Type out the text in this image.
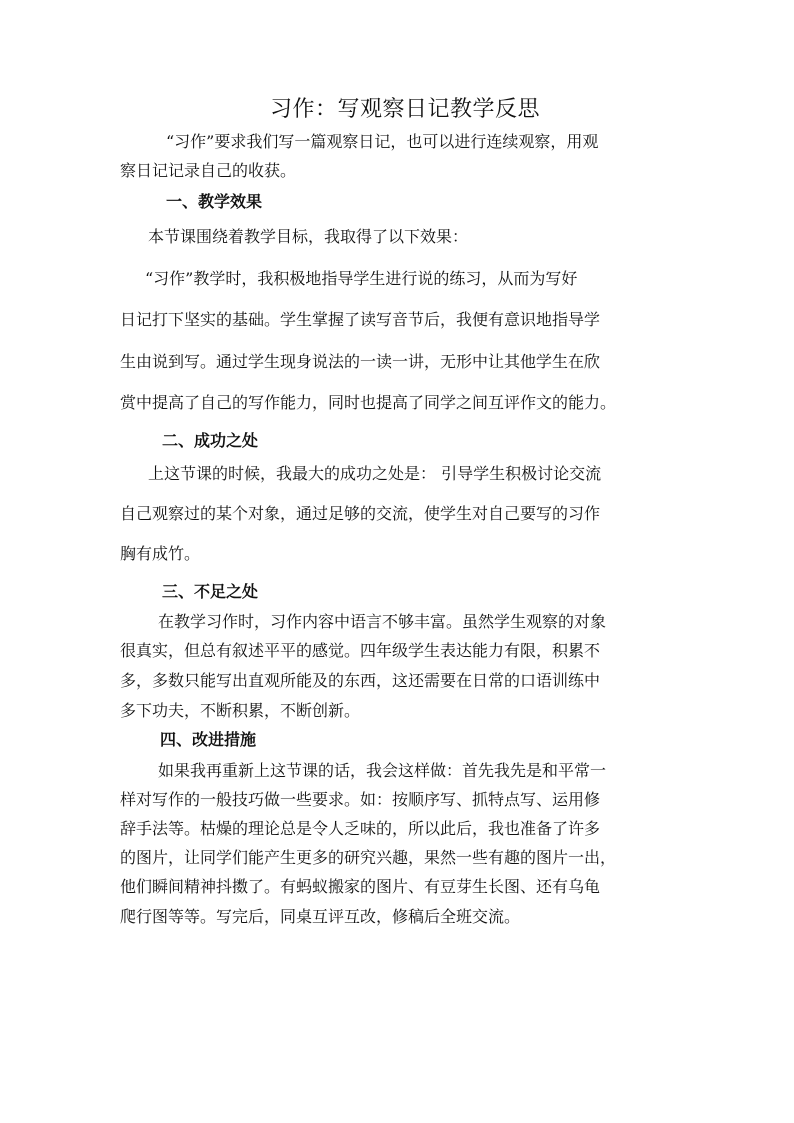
习作：写观察日记教学反思
“习作”要求我们写一篇观察日记，也可以进行连续观察，用观
察日记记录自己的收获。
一、教学效果
本节课围绕着教学目标，我取得了以下效果：
“习作”教学时，我积极地指导学生进行说的练习，从而为写好
日记打下坚实的基础。学生掌握了读写音节后，我便有意识地指导学
生由说到写。通过学生现身说法的一读一讲，无形中让其他学生在欣
赏中提高了自己的写作能力，同时也提高了同学之间互评作文的能力。
二、成功之处
上这节课的时候，我最大的成功之处是： 引导学生积极讨论交流
自己观察过的某个对象，通过足够的交流，使学生对自己要写的习作
胸有成竹。
三、不足之处
在教学习作时，习作内容中语言不够丰富。虽然学生观察的对象
很真实，但总有叙述平平的感觉。四年级学生表达能力有限，积累不
多，多数只能写出直观所能及的东西，这还需要在日常的口语训练中
多下功夫，不断积累，不断创新。
四、改进措施
如果我再重新上这节课的话，我会这样做：首先我先是和平常一
样对写作的一般技巧做一些要求。如：按顺序写、抓特点写、运用修
辞手法等。枯燥的理论总是令人乏味的，所以此后，我也准备了许多
的图片，让同学们能产生更多的研究兴趣，果然一些有趣的图片一出，
他们瞬间精神抖擞了。有蚂蚁搬家的图片、有豆芽生长图、还有乌龟
爬行图等等。写完后，同桌互评互改，修稿后全班交流。
